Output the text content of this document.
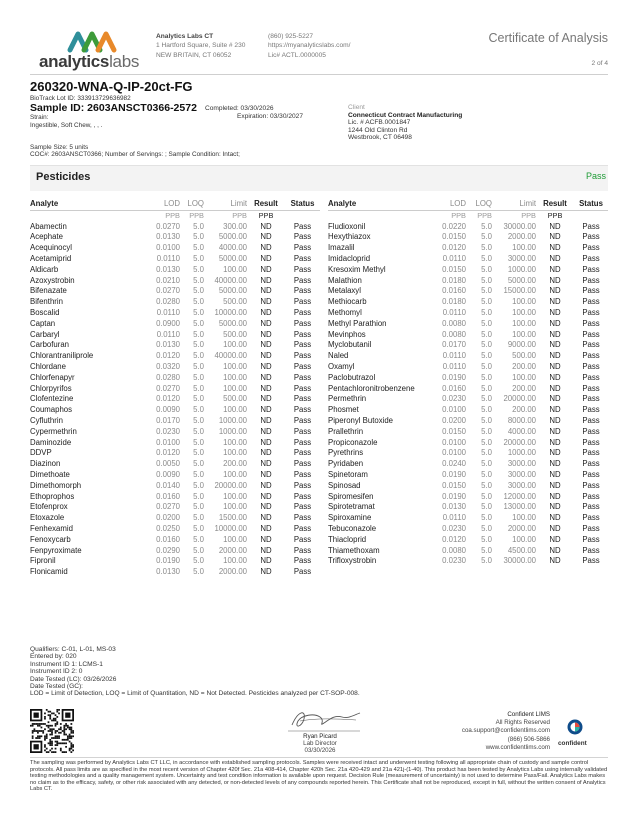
analyticslabs
Analytics Labs CT
1 Hartford Square, Suite # 230
NEW BRITAIN, CT 06052
(860) 925-5227
https://myanalyticslabs.com/
Lic# ACTL.0000005
Certificate of Analysis
2 of 4
260320-WNA-Q-IP-20ct-FG
BioTrack Lot ID: 333913729636982
Sample ID: 2603ANSCT0366-2572 Completed: 03/30/2026
Expiration: 03/30/2027
Strain:
Ingestible, Soft Chew, , , .
Sample Size: 5 units
COC#: 2603ANSCT0366; Number of Servings: ; Sample Condition: Intact;
Client
Connecticut Contract Manufacturing
Lic. # ACFB.0001847
1244 Old Clinton Rd
Westbrook, CT 06498
Pesticides	Pass
Analyte	LOD	LOQ	Limit	Result	Status
	PPB	PPB	PPB	PPB	
Abamectin	0.0270	5.0	300.00	ND	Pass
Acephate	0.0130	5.0	5000.00	ND	Pass
Acequinocyl	0.0100	5.0	4000.00	ND	Pass
Acetamiprid	0.0110	5.0	5000.00	ND	Pass
Aldicarb	0.0130	5.0	100.00	ND	Pass
Azoxystrobin	0.0210	5.0	40000.00	ND	Pass
Bifenazate	0.0270	5.0	5000.00	ND	Pass
Bifenthrin	0.0280	5.0	500.00	ND	Pass
Boscalid	0.0110	5.0	10000.00	ND	Pass
Captan	0.0900	5.0	5000.00	ND	Pass
Carbaryl	0.0110	5.0	500.00	ND	Pass
Carbofuran	0.0130	5.0	100.00	ND	Pass
Chlorantraniliprole	0.0120	5.0	40000.00	ND	Pass
Chlordane	0.0320	5.0	100.00	ND	Pass
Chlorfenapyr	0.0280	5.0	100.00	ND	Pass
Chlorpyrifos	0.0270	5.0	100.00	ND	Pass
Clofentezine	0.0120	5.0	500.00	ND	Pass
Coumaphos	0.0090	5.0	100.00	ND	Pass
Cyfluthrin	0.0170	5.0	1000.00	ND	Pass
Cypermethrin	0.0230	5.0	1000.00	ND	Pass
Daminozide	0.0100	5.0	100.00	ND	Pass
DDVP	0.0120	5.0	100.00	ND	Pass
Diazinon	0.0050	5.0	200.00	ND	Pass
Dimethoate	0.0090	5.0	100.00	ND	Pass
Dimethomorph	0.0140	5.0	20000.00	ND	Pass
Ethoprophos	0.0160	5.0	100.00	ND	Pass
Etofenprox	0.0270	5.0	100.00	ND	Pass
Etoxazole	0.0200	5.0	1500.00	ND	Pass
Fenhexamid	0.0250	5.0	10000.00	ND	Pass
Fenoxycarb	0.0160	5.0	100.00	ND	Pass
Fenpyroximate	0.0290	5.0	2000.00	ND	Pass
Fipronil	0.0190	5.0	100.00	ND	Pass
Flonicamid	0.0130	5.0	2000.00	ND	Pass
Analyte	LOD	LOQ	Limit	Result	Status
	PPB	PPB	PPB	PPB	
Fludioxonil	0.0220	5.0	30000.00	ND	Pass
Hexythiazox	0.0150	5.0	2000.00	ND	Pass
Imazalil	0.0120	5.0	100.00	ND	Pass
Imidacloprid	0.0110	5.0	3000.00	ND	Pass
Kresoxim Methyl	0.0150	5.0	1000.00	ND	Pass
Malathion	0.0180	5.0	5000.00	ND	Pass
Metalaxyl	0.0160	5.0	15000.00	ND	Pass
Methiocarb	0.0180	5.0	100.00	ND	Pass
Methomyl	0.0110	5.0	100.00	ND	Pass
Methyl Parathion	0.0080	5.0	100.00	ND	Pass
Mevinphos	0.0080	5.0	100.00	ND	Pass
Myclobutanil	0.0170	5.0	9000.00	ND	Pass
Naled	0.0110	5.0	500.00	ND	Pass
Oxamyl	0.0110	5.0	200.00	ND	Pass
Paclobutrazol	0.0190	5.0	100.00	ND	Pass
Pentachloronitrobenzene	0.0160	5.0	200.00	ND	Pass
Permethrin	0.0230	5.0	20000.00	ND	Pass
Phosmet	0.0100	5.0	200.00	ND	Pass
Piperonyl Butoxide	0.0200	5.0	8000.00	ND	Pass
Prallethrin	0.0150	5.0	4000.00	ND	Pass
Propiconazole	0.0100	5.0	20000.00	ND	Pass
Pyrethrins	0.0100	5.0	1000.00	ND	Pass
Pyridaben	0.0240	5.0	3000.00	ND	Pass
Spinetoram	0.0190	5.0	3000.00	ND	Pass
Spinosad	0.0150	5.0	3000.00	ND	Pass
Spiromesifen	0.0190	5.0	12000.00	ND	Pass
Spirotetramat	0.0130	5.0	13000.00	ND	Pass
Spiroxamine	0.0110	5.0	100.00	ND	Pass
Tebuconazole	0.0230	5.0	2000.00	ND	Pass
Thiacloprid	0.0120	5.0	100.00	ND	Pass
Thiamethoxam	0.0080	5.0	4500.00	ND	Pass
Trifloxystrobin	0.0230	5.0	30000.00	ND	Pass
Qualifiers: C-01, L-01, MS-03
Entered by: 020
Instrument ID 1: LCMS-1
Instrument ID 2: 0
Date Tested (LC): 03/26/2026
Date Tested (GC):
LOD = Limit of Detection, LOQ = Limit of Quantitation, ND = Not Detected. Pesticides analyzed per CT-SOP-008.
Ryan Picard
Lab Director
03/30/2026
Confident LIMS
All Rights Reserved
coa.support@confidentlims.com
(866) 506-5866
www.confidentlims.com
confident
The sampling was performed by Analytics Labs CT LLC, in accordance with established sampling protocols. Samples were received intact and underwent testing following all appropriate chain of custody and sample control protocols. All pass limits are as specified in the most recent version of Chapter 420f Sec. 21a 408-414, Chapter 420h Sec. 21a 420-429 and 21a 421j-(1-40). This product has been tested by Analytics Labs using internally validated testing methodologies and a quality management system. Uncertainty and test condition information is available upon request. Decision Rule (measurement of uncertainty) is not used to determine Pass/Fail. Analytics Labs makes no claim as to the efficacy, safety, or other risk associated with any detected, or non-detected levels of any compounds reported herein. This Certificate shall not be reproduced, except in full, without the written consent of Analytics Labs CT.
